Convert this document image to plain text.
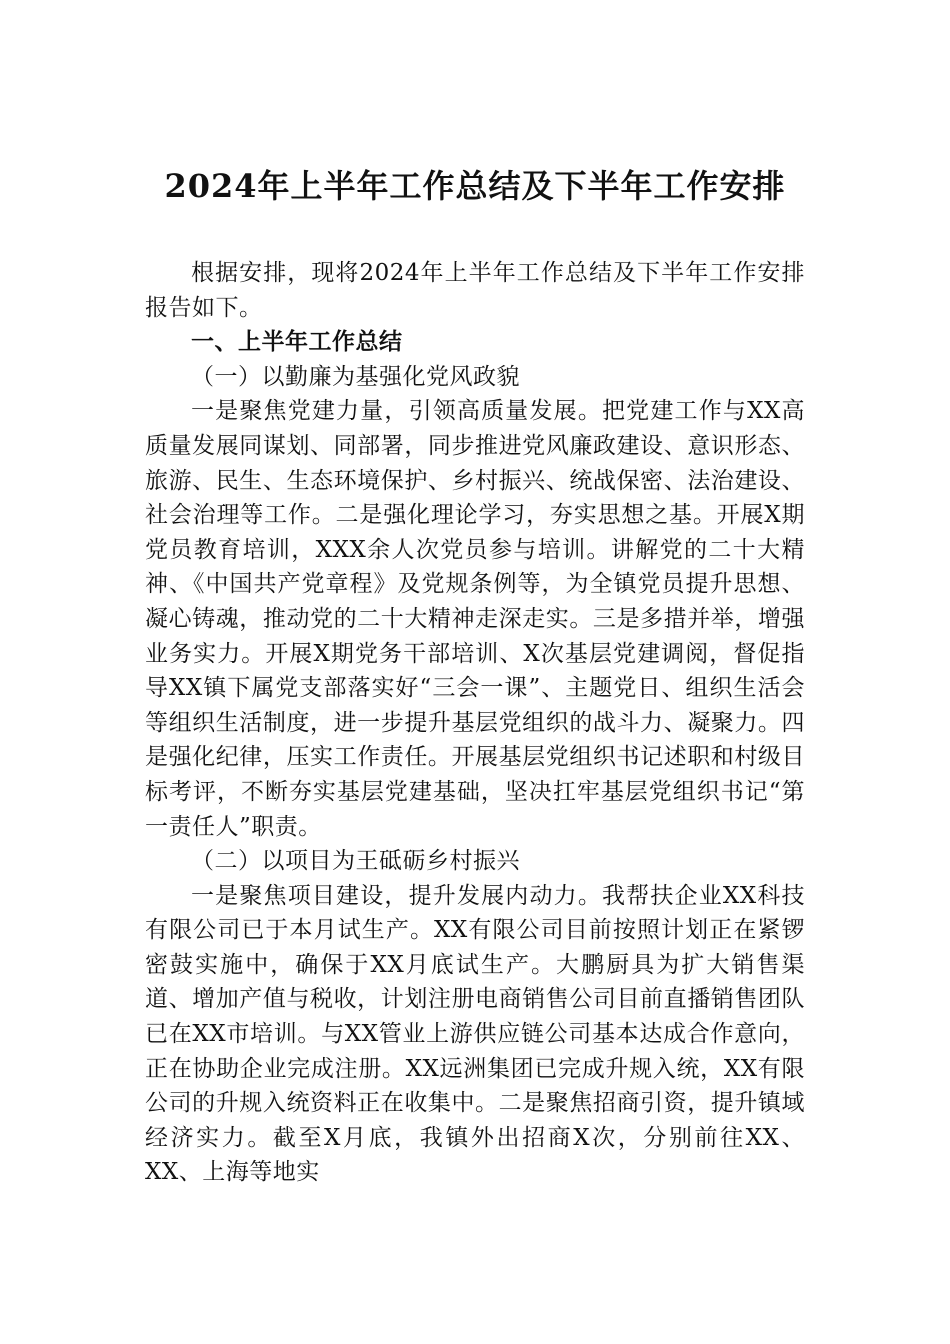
2024年上半年工作总结及下半年工作安排

根据安排，现将2024年上半年工作总结及下半年工作安排报告如下。

一、上半年工作总结

（一）以勤廉为基强化党风政貌

一是聚焦党建力量，引领高质量发展。把党建工作与XX高质量发展同谋划、同部署，同步推进党风廉政建设、意识形态、旅游、民生、生态环境保护、乡村振兴、统战保密、法治建设、社会治理等工作。二是强化理论学习，夯实思想之基。开展X期党员教育培训，XXX余人次党员参与培训。讲解党的二十大精神、《中国共产党章程》及党规条例等，为全镇党员提升思想、凝心铸魂，推动党的二十大精神走深走实。三是多措并举，增强业务实力。开展X期党务干部培训、X次基层党建调阅，督促指导XX镇下属党支部落实好“三会一课”、主题党日、组织生活会等组织生活制度，进一步提升基层党组织的战斗力、凝聚力。四是强化纪律，压实工作责任。开展基层党组织书记述职和村级目标考评，不断夯实基层党建基础，坚决扛牢基层党组织书记“第一责任人”职责。

（二）以项目为王砥砺乡村振兴

一是聚焦项目建设，提升发展内动力。我帮扶企业XX科技有限公司已于本月试生产。XX有限公司目前按照计划正在紧锣密鼓实施中，确保于XX月底试生产。大鹏厨具为扩大销售渠道、增加产值与税收，计划注册电商销售公司目前直播销售团队已在XX市培训。与XX管业上游供应链公司基本达成合作意向，正在协助企业完成注册。XX远洲集团已完成升规入统，XX有限公司的升规入统资料正在收集中。二是聚焦招商引资，提升镇域经济实力。截至X月底，我镇外出招商X次，分别前往XX、XX、上海等地实
